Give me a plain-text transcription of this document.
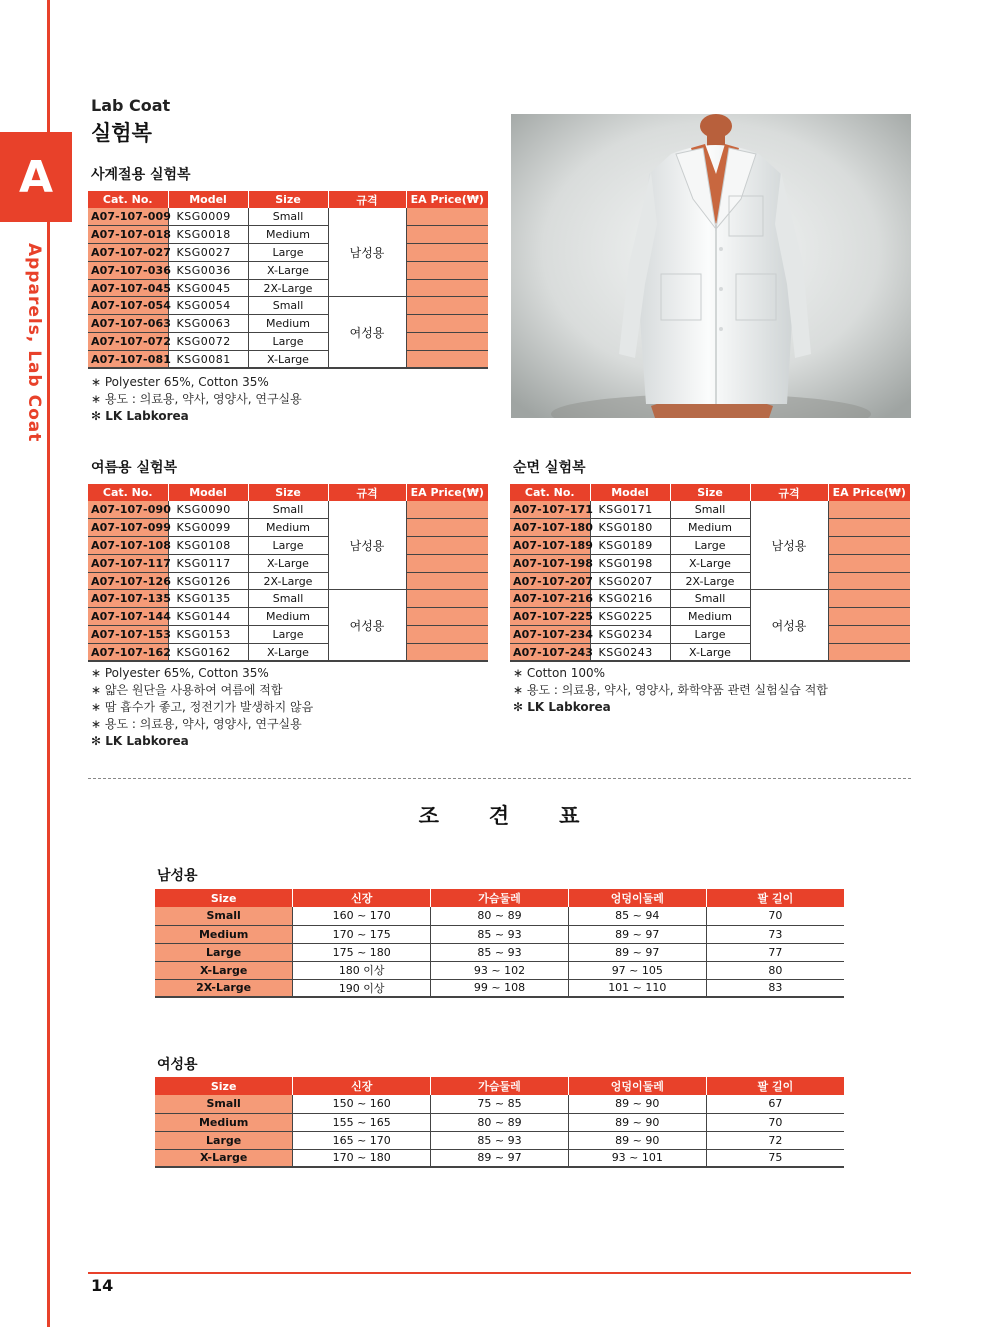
A
Apparels, Lab Coat
Lab Coat
실험복
사계절용 실험복
Cat. No.	Model	Size	규격	EA Price(₩)
A07-107-009	KSG0009	Small	남성용	
A07-107-018	KSG0018	Medium		
A07-107-027	KSG0027	Large		
A07-107-036	KSG0036	X-Large		
A07-107-045	KSG0045	2X-Large		
A07-107-054	KSG0054	Small	여성용	
A07-107-063	KSG0063	Medium		
A07-107-072	KSG0072	Large		
A07-107-081	KSG0081	X-Large		
∗ Polyester 65%, Cotton 35%
∗ 용도 : 의료용, 약사, 영양사, 연구실용
✻ LK Labkorea
여름용 실험복
Cat. No.	Model	Size	규격	EA Price(₩)
A07-107-090	KSG0090	Small	남성용	
A07-107-099	KSG0099	Medium		
A07-107-108	KSG0108	Large		
A07-107-117	KSG0117	X-Large		
A07-107-126	KSG0126	2X-Large		
A07-107-135	KSG0135	Small	여성용	
A07-107-144	KSG0144	Medium		
A07-107-153	KSG0153	Large		
A07-107-162	KSG0162	X-Large		
∗ Polyester 65%, Cotton 35%
∗ 얇은 원단을 사용하여 여름에 적합
∗ 땀 흡수가 좋고, 정전기가 발생하지 않음
∗ 용도 : 의료용, 약사, 영양사, 연구실용
✻ LK Labkorea
순면 실험복
Cat. No.	Model	Size	규격	EA Price(₩)
A07-107-171	KSG0171	Small	남성용	
A07-107-180	KSG0180	Medium		
A07-107-189	KSG0189	Large		
A07-107-198	KSG0198	X-Large		
A07-107-207	KSG0207	2X-Large		
A07-107-216	KSG0216	Small	여성용	
A07-107-225	KSG0225	Medium		
A07-107-234	KSG0234	Large		
A07-107-243	KSG0243	X-Large		
∗ Cotton 100%
∗ 용도 : 의료용, 약사, 영양사, 화학약품 관련 실험실습 적합
✻ LK Labkorea
조견표
남성용
Size	신장	가슴둘레	엉덩이둘레	팔 길이
Small	160 ~ 170	80 ~ 89	85 ~ 94	70
Medium	170 ~ 175	85 ~ 93	89 ~ 97	73
Large	175 ~ 180	85 ~ 93	89 ~ 97	77
X-Large	180 이상	93 ~ 102	97 ~ 105	80
2X-Large	190 이상	99 ~ 108	101 ~ 110	83
여성용
Size	신장	가슴둘레	엉덩이둘레	팔 길이
Small	150 ~ 160	75 ~ 85	89 ~ 90	67
Medium	155 ~ 165	80 ~ 89	89 ~ 90	70
Large	165 ~ 170	85 ~ 93	89 ~ 90	72
X-Large	170 ~ 180	89 ~ 97	93 ~ 101	75
14
